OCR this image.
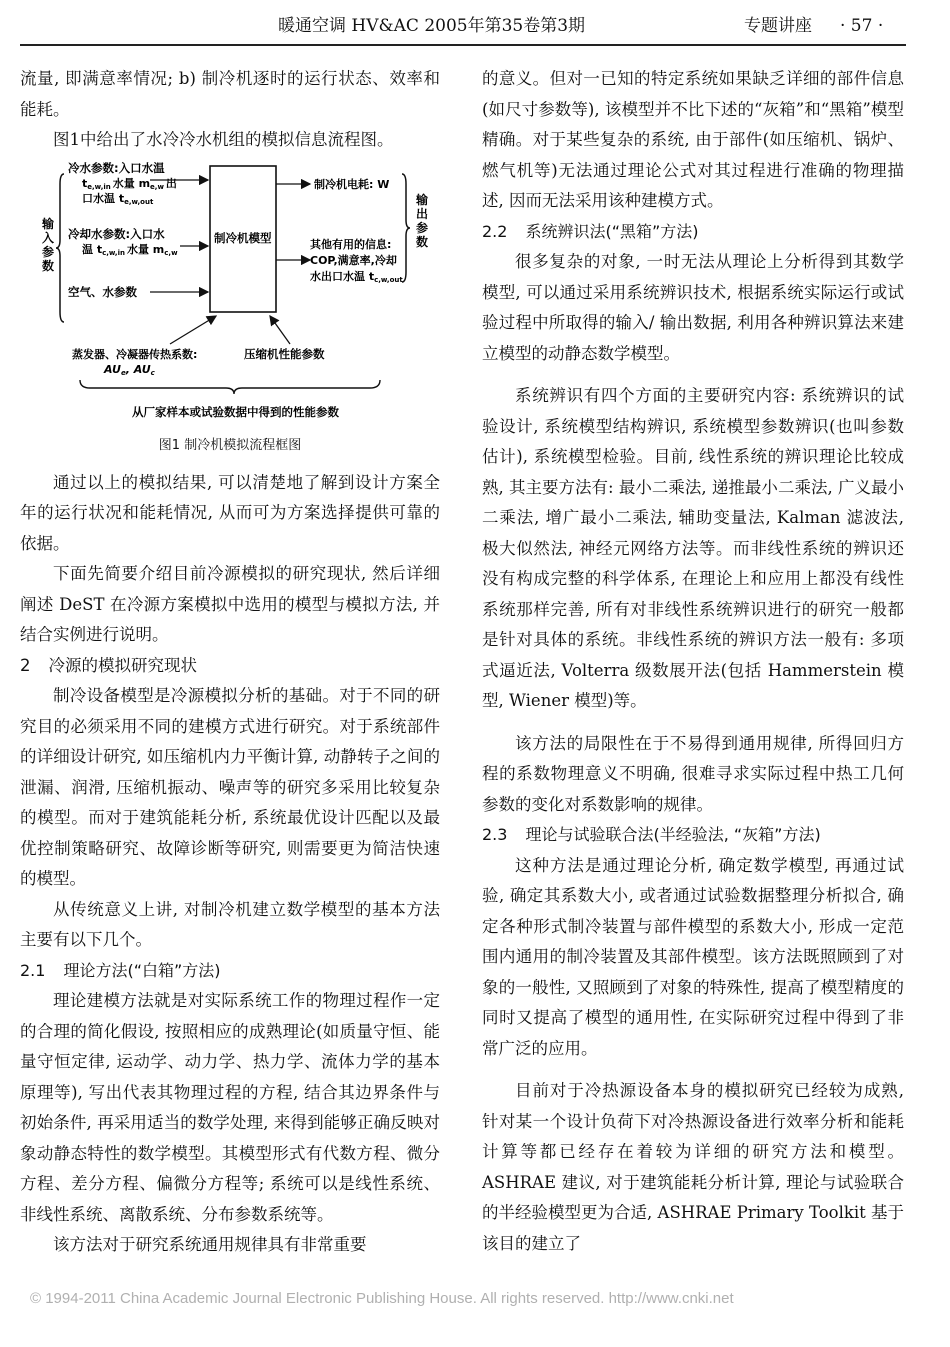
暖通空调 HV&AC 2005年第35卷第3期	专题讲座 · 57 ·

流量, 即满意率情况; b) 制冷机逐时的运行状态、效率和能耗。

图1中给出了水冷冷水机组的模拟信息流程图。

输
入
参
数
冷水参数:入口水温
te,w,in 水量 me,w 出
口水温 te,w,out
冷却水参数:入口水
温 tc,w,in 水量 mc,w
空气、水参数
制冷机模型
制冷机电耗: W
其他有用的信息:
COP,满意率,冷却
水出口水温 tc,w,out
输
出
参
数
蒸发器、冷凝器传热系数:
AUe, AUc
压缩机性能参数
从厂家样本或试验数据中得到的性能参数
图1 制冷机模拟流程框图

通过以上的模拟结果, 可以清楚地了解到设计方案全年的运行状况和能耗情况, 从而可为方案选择提供可靠的依据。

下面先简要介绍目前冷源模拟的研究现状, 然后详细阐述 DeST 在冷源方案模拟中选用的模型与模拟方法, 并结合实例进行说明。

2 冷源的模拟研究现状

制冷设备模型是冷源模拟分析的基础。对于不同的研究目的必须采用不同的建模方式进行研究。对于系统部件的详细设计研究, 如压缩机内力平衡计算, 动静转子之间的泄漏、润滑, 压缩机振动、噪声等的研究多采用比较复杂的模型。而对于建筑能耗分析, 系统最优设计匹配以及最优控制策略研究、故障诊断等研究, 则需要更为简洁快速的模型。

从传统意义上讲, 对制冷机建立数学模型的基本方法主要有以下几个。

2.1 理论方法(“白箱”方法)

理论建模方法就是对实际系统工作的物理过程作一定的合理的简化假设, 按照相应的成熟理论(如质量守恒、能量守恒定律, 运动学、动力学、热力学、流体力学的基本原理等), 写出代表其物理过程的方程, 结合其边界条件与初始条件, 再采用适当的数学处理, 来得到能够正确反映对象动静态特性的数学模型。其模型形式有代数方程、微分方程、差分方程、偏微分方程等; 系统可以是线性系统、非线性系统、离散系统、分布参数系统等。

该方法对于研究系统通用规律具有非常重要

的意义。但对一已知的特定系统如果缺乏详细的部件信息(如尺寸参数等), 该模型并不比下述的“灰箱”和“黑箱”模型精确。对于某些复杂的系统, 由于部件(如压缩机、锅炉、燃气机等)无法通过理论公式对其过程进行准确的物理描述, 因而无法采用该种建模方式。

2.2 系统辨识法(“黑箱”方法)

很多复杂的对象, 一时无法从理论上分析得到其数学模型, 可以通过采用系统辨识技术, 根据系统实际运行或试验过程中所取得的输入/ 输出数据, 利用各种辨识算法来建立模型的动静态数学模型。

系统辨识有四个方面的主要研究内容: 系统辨识的试验设计, 系统模型结构辨识, 系统模型参数辨识(也叫参数估计), 系统模型检验。目前, 线性系统的辨识理论比较成熟, 其主要方法有: 最小二乘法, 递推最小二乘法, 广义最小二乘法, 增广最小二乘法, 辅助变量法, Kalman 滤波法, 极大似然法, 神经元网络方法等。而非线性系统的辨识还没有构成完整的科学体系, 在理论上和应用上都没有线性系统那样完善, 所有对非线性系统辨识进行的研究一般都是针对具体的系统。非线性系统的辨识方法一般有: 多项式逼近法, Volterra 级数展开法(包括 Hammerstein 模型, Wiener 模型)等。

该方法的局限性在于不易得到通用规律, 所得回归方程的系数物理意义不明确, 很难寻求实际过程中热工几何参数的变化对系数影响的规律。

2.3 理论与试验联合法(半经验法, “灰箱”方法)

这种方法是通过理论分析, 确定数学模型, 再通过试验, 确定其系数大小, 或者通过试验数据整理分析拟合, 确定各种形式制冷装置与部件模型的系数大小, 形成一定范围内通用的制冷装置及其部件模型。该方法既照顾到了对象的一般性, 又照顾到了对象的特殊性, 提高了模型精度的同时又提高了模型的通用性, 在实际研究过程中得到了非常广泛的应用。

目前对于冷热源设备本身的模拟研究已经较为成熟, 针对某一个设计负荷下对冷热源设备进行效率分析和能耗计算等都已经存在着较为详细的研究方法和模型。ASHRAE 建议, 对于建筑能耗分析计算, 理论与试验联合的半经验模型更为合适, ASHRAE Primary Toolkit 基于该目的建立了

© 1994-2011 China Academic Journal Electronic Publishing House. All rights reserved. http://www.cnki.net
